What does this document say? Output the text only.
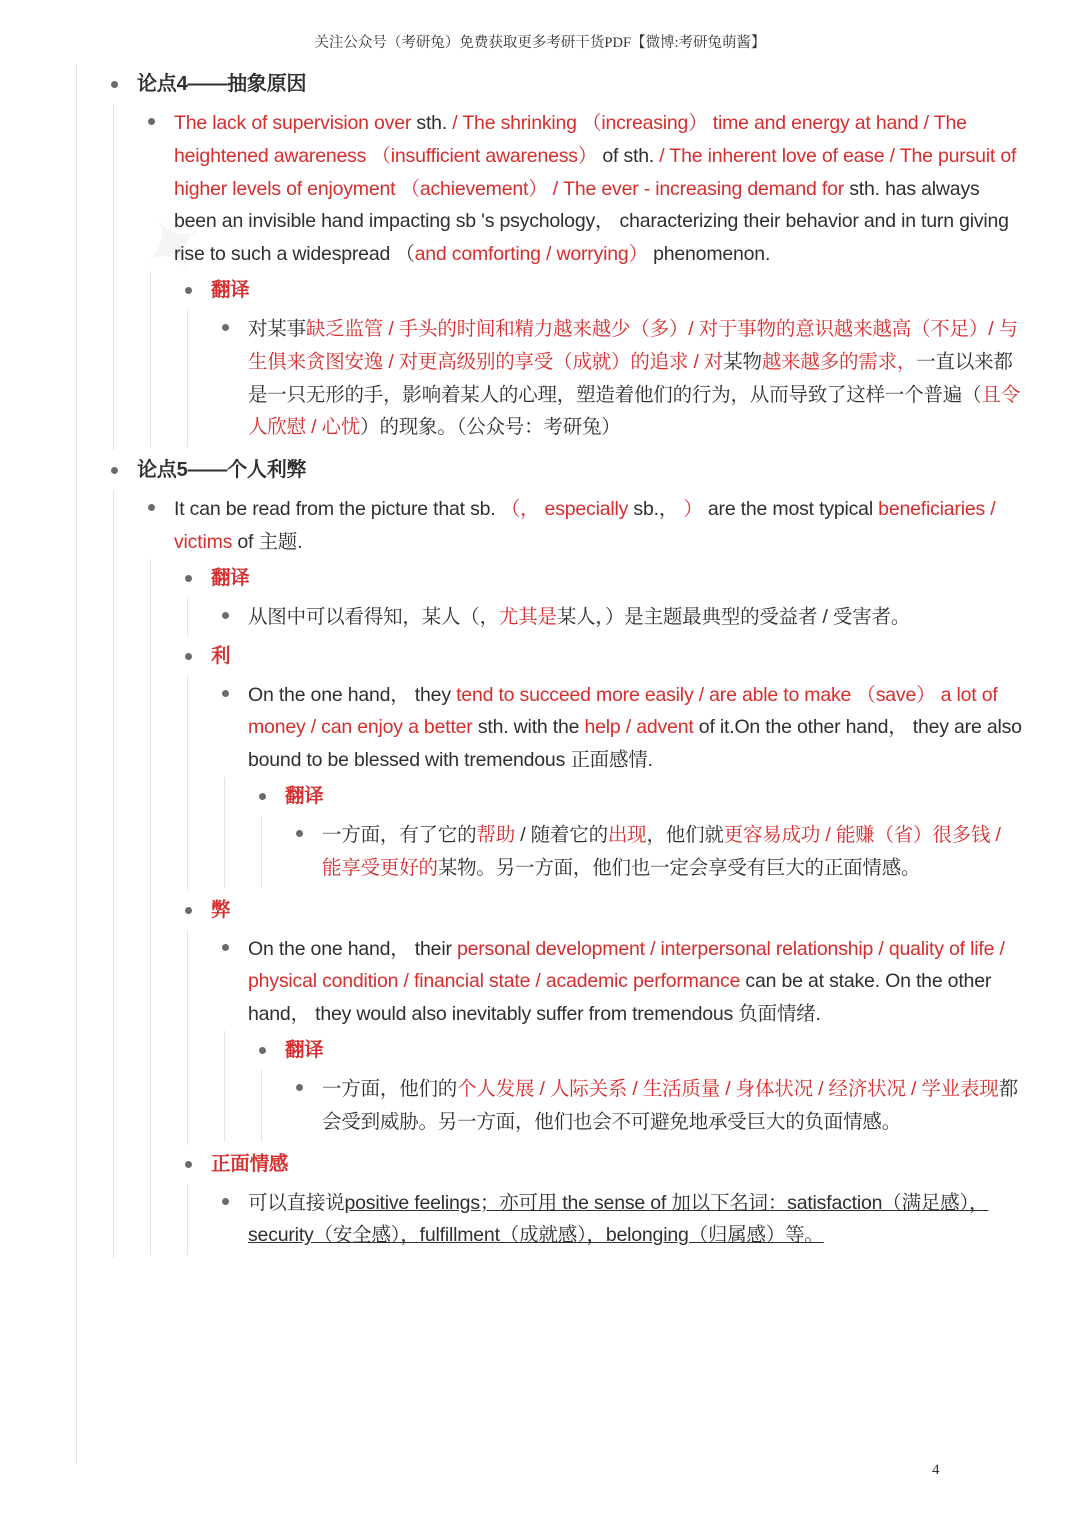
关注公众号（考研兔）免费获取更多考研干货PDF【微博:考研兔萌酱】
论点4——抽象原因
The lack of supervision over sth. / The shrinking （increasing） time and energy at hand / The heightened awareness （insufficient awareness） of sth. / The inherent love of ease / The pursuit of higher levels of enjoyment （achievement） / The ever - increasing demand for sth. has always been an invisible hand impacting sb 's psychology， characterizing their behavior and in turn giving rise to such a widespread （and comforting / worrying） phenomenon.
翻译
对某事缺乏监管 / 手头的时间和精力越来越少（多）/ 对于事物的意识越来越高（不足）/ 与生俱来贪图安逸 / 对更高级别的享受（成就）的追求 / 对某物越来越多的需求，一直以来都是一只无形的手，影响着某人的心理，塑造着他们的行为，从而导致了这样一个普遍（且令人欣慰 / 心忧）的现象。（公众号：考研兔）
论点5——个人利弊
It can be read from the picture that sb. （， especially sb.， ） are the most typical beneficiaries / victims of 主题.
翻译
从图中可以看得知，某人（，尤其是某人，）是主题最典型的受益者 / 受害者。
利
On the one hand， they tend to succeed more easily / are able to make （save） a lot of money / can enjoy a better sth. with the help / advent of it.On the other hand， they are also bound to be blessed with tremendous 正面感情.
翻译
一方面，有了它的帮助 / 随着它的出现，他们就更容易成功 / 能赚（省）很多钱 / 能享受更好的某物。另一方面，他们也一定会享受有巨大的正面情感。
弊
On the one hand， their personal development / interpersonal relationship / quality of life / physical condition / financial state / academic performance can be at stake. On the other hand， they would also inevitably suffer from tremendous 负面情绪.
翻译
一方面，他们的个人发展 / 人际关系 / 生活质量 / 身体状况 / 经济状况 / 学业表现都会受到威胁。另一方面，他们也会不可避免地承受巨大的负面情感。
正面情感
可以直接说positive feelings；亦可用 the sense of 加以下名词：satisfaction（满足感），security（安全感），fulfillment（成就感），belonging（归属感）等。
4
